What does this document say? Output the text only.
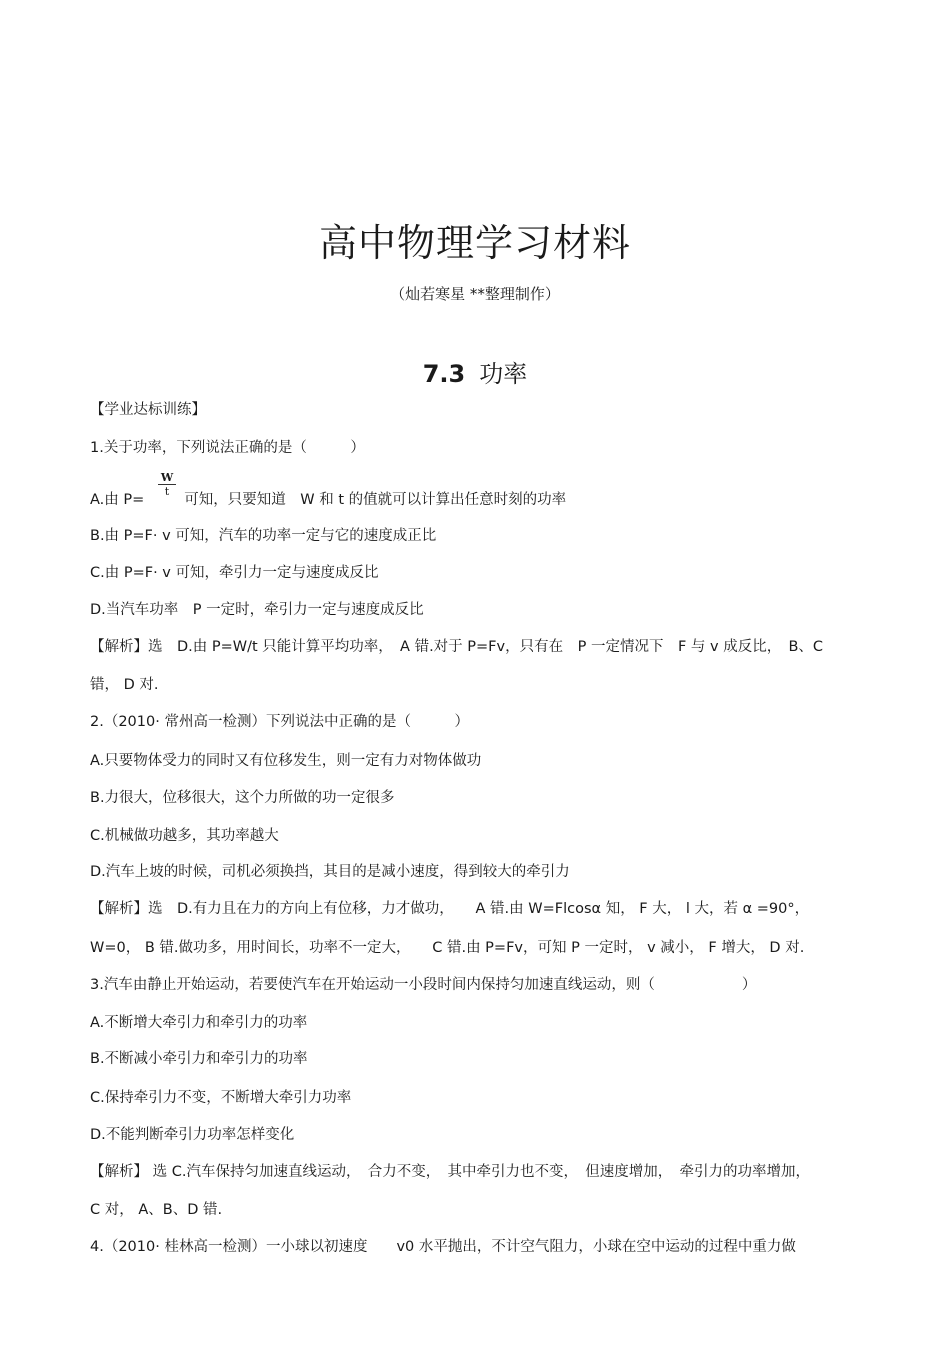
高中物理学习材料
（灿若寒星 **整理制作）
7.3 功率
【学业达标训练】
1.关于功率，下列说法正确的是（　　　）
$\frac{W}{t}$
A.由 P=	可知，只要知道　W 和 t 的值就可以计算出任意时刻的功率
B.由 P=F· v 可知，汽车的功率一定与它的速度成正比
C.由 P=F· v 可知，牵引力一定与速度成反比
D.当汽车功率　P 一定时，牵引力一定与速度成反比
【解析】选　D.由 P=W/t 只能计算平均功率，　A 错.对于 P=Fv，只有在　P 一定情况下　F 与 v 成反比，　B、C
错， D 对.
2.（2010· 常州高一检测）下列说法中正确的是（　　　）
A.只要物体受力的同时又有位移发生，则一定有力对物体做功
B.力很大，位移很大，这个力所做的功一定很多
C.机械做功越多，其功率越大
D.汽车上坡的时候，司机必须换挡，其目的是减小速度，得到较大的牵引力
【解析】选　D.有力且在力的方向上有位移，力才做功，　　A 错.由 W=Flcosα 知， F 大， l 大，若 α =90°，
W=0， B 错.做功多，用时间长，功率不一定大，　　C 错.由 P=Fv，可知 P 一定时， v 减小， F 增大， D 对.
3.汽车由静止开始运动，若要使汽车在开始运动一小段时间内保持匀加速直线运动，则（　　　　　　）
A.不断增大牵引力和牵引力的功率
B.不断减小牵引力和牵引力的功率
C.保持牵引力不变，不断增大牵引力功率
D.不能判断牵引力功率怎样变化
【解析】 选 C.汽车保持匀加速直线运动，　合力不变，　其中牵引力也不变，　但速度增加，　牵引力的功率增加，
C 对， A、B、D 错.
4.（2010· 桂林高一检测）一小球以初速度　　v0 水平抛出，不计空气阻力，小球在空中运动的过程中重力做
